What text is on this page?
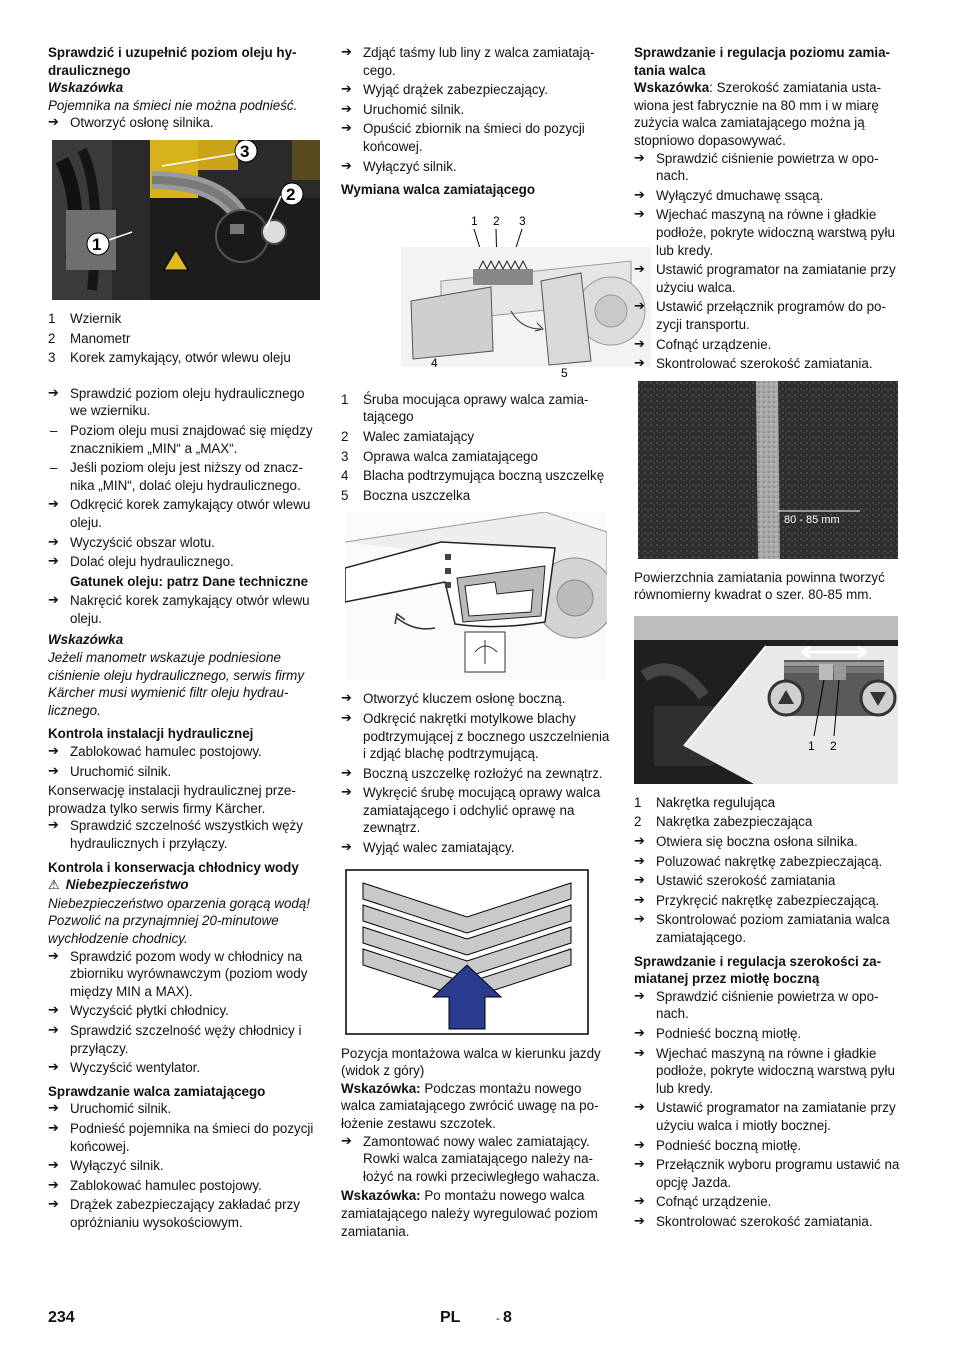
Sprawdzić i uzupełnić poziom oleju hydraulicznego

Wskazówka

Pojemnika na śmieci nie można podnieść.

➔ Otworzyć osłonę silnika.

3
2
1

1 Wziernik

2 Manometr

3 Korek zamykający, otwór wlewu oleju

➔ Sprawdzić poziom oleju hydraulicznego we wzierniku.

– Poziom oleju musi znajdować się między znacznikiem „MIN“ a „MAX“.

– Jeśli poziom oleju jest niższy od znacznika „MIN“, dolać oleju hydraulicznego.

➔ Odkręcić korek zamykający otwór wlewu oleju.

➔ Wyczyścić obszar wlotu.

➔ Dolać oleju hydraulicznego.

Gatunek oleju: patrz Dane techniczne

➔ Nakręcić korek zamykający otwór wlewu oleju.

Wskazówka

Jeżeli manometr wskazuje podniesione ciśnienie oleju hydraulicznego, serwis firmy Kärcher musi wymienić filtr oleju hydraulicznego.

Kontrola instalacji hydraulicznej

➔ Zablokować hamulec postojowy.

➔ Uruchomić silnik.

Konserwację instalacji hydraulicznej przeprowadza tylko serwis firmy Kärcher.

➔ Sprawdzić szczelność wszystkich węży hydraulicznych i przyłączy.

Kontrola i konserwacja chłodnicy wody

⚠ Niebezpieczeństwo

Niebezpieczeństwo oparzenia gorącą wodą! Pozwolić na przynajmniej 20-minutowe wychłodzenie chodnicy.

➔ Sprawdzić pozom wody w chłodnicy na zbiorniku wyrównawczym (poziom wody między MIN a MAX).

➔ Wyczyścić płytki chłodnicy.

➔ Sprawdzić szczelność węży chłodnicy i przyłączy.

➔ Wyczyścić wentylator.

Sprawdzanie walca zamiatającego

➔ Uruchomić silnik.

➔ Podnieść pojemnika na śmieci do pozycji końcowej.

➔ Wyłączyć silnik.

➔ Zablokować hamulec postojowy.

➔ Drążek zabezpieczający zakładać przy opróżnianiu wysokościowym.

➔ Zdjąć taśmy lub liny z walca zamiatającego.

➔ Wyjąć drążek zabezpieczający.

➔ Uruchomić silnik.

➔ Opuścić zbiornik na śmieci do pozycji końcowej.

➔ Wyłączyć silnik.

Wymiana walca zamiatającego

1 2 3
4
5

1 Śruba mocująca oprawy walca zamiatającego

2 Walec zamiatający

3 Oprawa walca zamiatającego

4 Blacha podtrzymująca boczną uszczelkę

5 Boczna uszczelka

➔ Otworzyć kluczem osłonę boczną.

➔ Odkręcić nakrętki motylkowe blachy podtrzymującej z bocznego uszczelnienia i zdjąć blachę podtrzymującą.

➔ Boczną uszczelkę rozłożyć na zewnątrz.

➔ Wykręcić śrubę mocującą oprawy walca zamiatającego i odchylić oprawę na zewnątrz.

➔ Wyjąć walec zamiatający.

Pozycja montażowa walca w kierunku jazdy (widok z góry)

Wskazówka: Podczas montażu nowego walca zamiatającego zwrócić uwagę na położenie zestawu szczotek.

➔ Zamontować nowy walec zamiatający. Rowki walca zamiatającego należy nałożyć na rowki przeciwległego wahacza.

Wskazówka: Po montażu nowego walca zamiatającego należy wyregulować poziom zamiatania.

Sprawdzanie i regulacja poziomu zamiatania walca

Wskazówka: Szerokość zamiatania ustawiona jest fabrycznie na 80 mm i w miarę zużycia walca zamiatającego można ją stopniowo dopasowywać.

➔ Sprawdzić ciśnienie powietrza w oponach.

➔ Wyłączyć dmuchawę ssącą.

➔ Wjechać maszyną na równe i gładkie podłoże, pokryte widoczną warstwą pyłu lub kredy.

➔ Ustawić programator na zamiatanie przy użyciu walca.

➔ Ustawić przełącznik programów do pozycji transportu.

➔ Cofnąć urządzenie.

➔ Skontrolować szerokość zamiatania.

80 - 85 mm

Powierzchnia zamiatania powinna tworzyć równomierny kwadrat o szer. 80-85 mm.

1 2

1 Nakrętka regulująca

2 Nakrętka zabezpieczająca

➔ Otwiera się boczna osłona silnika.

➔ Poluzować nakrętkę zabezpieczającą.

➔ Ustawić szerokość zamiatania

➔ Przykręcić nakrętkę zabezpieczającą.

➔ Skontrolować poziom zamiatania walca zamiatającego.

Sprawdzanie i regulacja szerokości zamiatanej przez miotłę boczną

➔ Sprawdzić ciśnienie powietrza w oponach.

➔ Podnieść boczną miotłę.

➔ Wjechać maszyną na równe i gładkie podłoże, pokryte widoczną warstwą pyłu lub kredy.

➔ Ustawić programator na zamiatanie przy użyciu walca i miotły bocznej.

➔ Podnieść boczną miotłę.

➔ Przełącznik wyboru programu ustawić na opcję Jazda.

➔ Cofnąć urządzenie.

➔ Skontrolować szerokość zamiatania.

234	PL	- 8
